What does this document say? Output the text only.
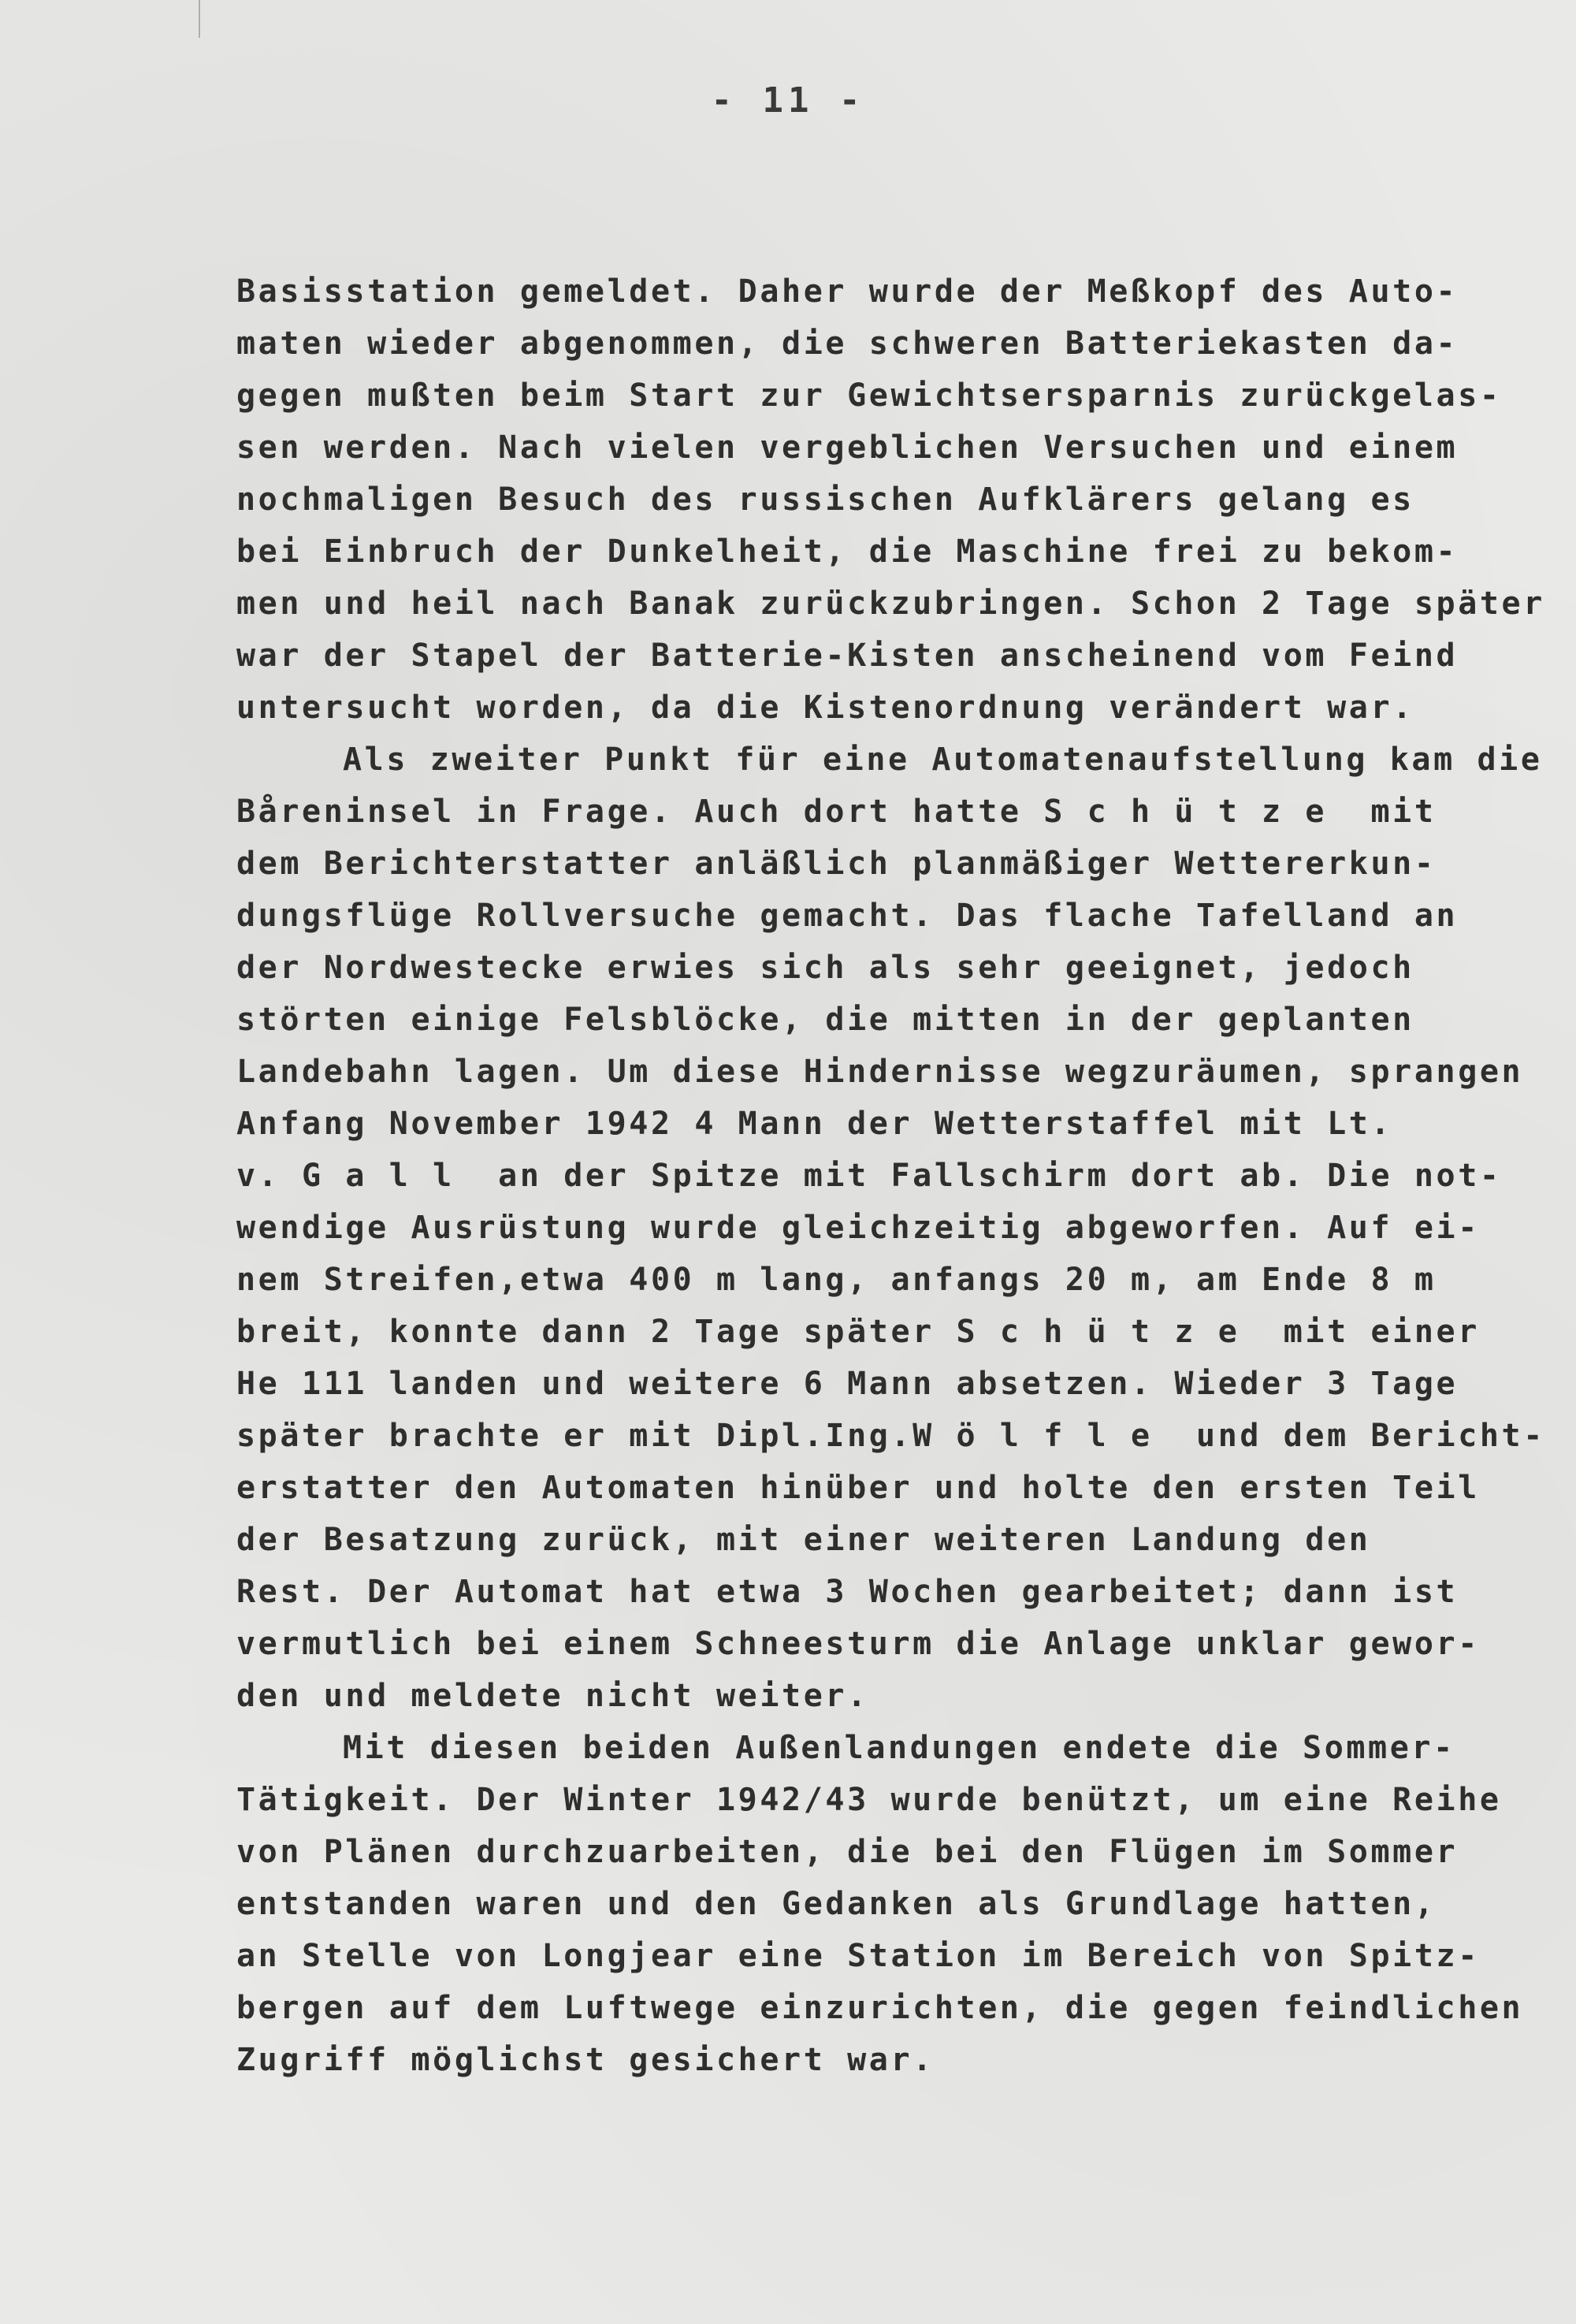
- 11 -
Basisstation gemeldet. Daher wurde der Meßkopf des Auto-
maten wieder abgenommen, die schweren Batteriekasten da-
gegen mußten beim Start zur Gewichtsersparnis zurückgelas-
sen werden. Nach vielen vergeblichen Versuchen und einem
nochmaligen Besuch des russischen Aufklärers gelang es
bei Einbruch der Dunkelheit, die Maschine frei zu bekom-
men und heil nach Banak zurückzubringen. Schon 2 Tage später
war der Stapel der Batterie-Kisten anscheinend vom Feind
untersucht worden, da die Kistenordnung verändert war.
Als zweiter Punkt für eine Automatenaufstellung kam die
Båreninsel in Frage. Auch dort hatte S c h ü t z e  mit
dem Berichterstatter anläßlich planmäßiger Wettererkun-
dungsflüge Rollversuche gemacht. Das flache Tafelland an
der Nordwestecke erwies sich als sehr geeignet, jedoch
störten einige Felsblöcke, die mitten in der geplanten
Landebahn lagen. Um diese Hindernisse wegzuräumen, sprangen
Anfang November 1942 4 Mann der Wetterstaffel mit Lt.
v. G a l l  an der Spitze mit Fallschirm dort ab. Die not-
wendige Ausrüstung wurde gleichzeitig abgeworfen. Auf ei-
nem Streifen,etwa 400 m lang, anfangs 20 m, am Ende 8 m
breit, konnte dann 2 Tage später S c h ü t z e  mit einer
He 111 landen und weitere 6 Mann absetzen. Wieder 3 Tage
später brachte er mit Dipl.Ing.W ö l f l e  und dem Bericht-
erstatter den Automaten hinüber und holte den ersten Teil
der Besatzung zurück, mit einer weiteren Landung den
Rest. Der Automat hat etwa 3 Wochen gearbeitet; dann ist
vermutlich bei einem Schneesturm die Anlage unklar gewor-
den und meldete nicht weiter.
Mit diesen beiden Außenlandungen endete die Sommer-
Tätigkeit. Der Winter 1942/43 wurde benützt, um eine Reihe
von Plänen durchzuarbeiten, die bei den Flügen im Sommer
entstanden waren und den Gedanken als Grundlage hatten,
an Stelle von Longjear eine Station im Bereich von Spitz-
bergen auf dem Luftwege einzurichten, die gegen feindlichen
Zugriff möglichst gesichert war.
